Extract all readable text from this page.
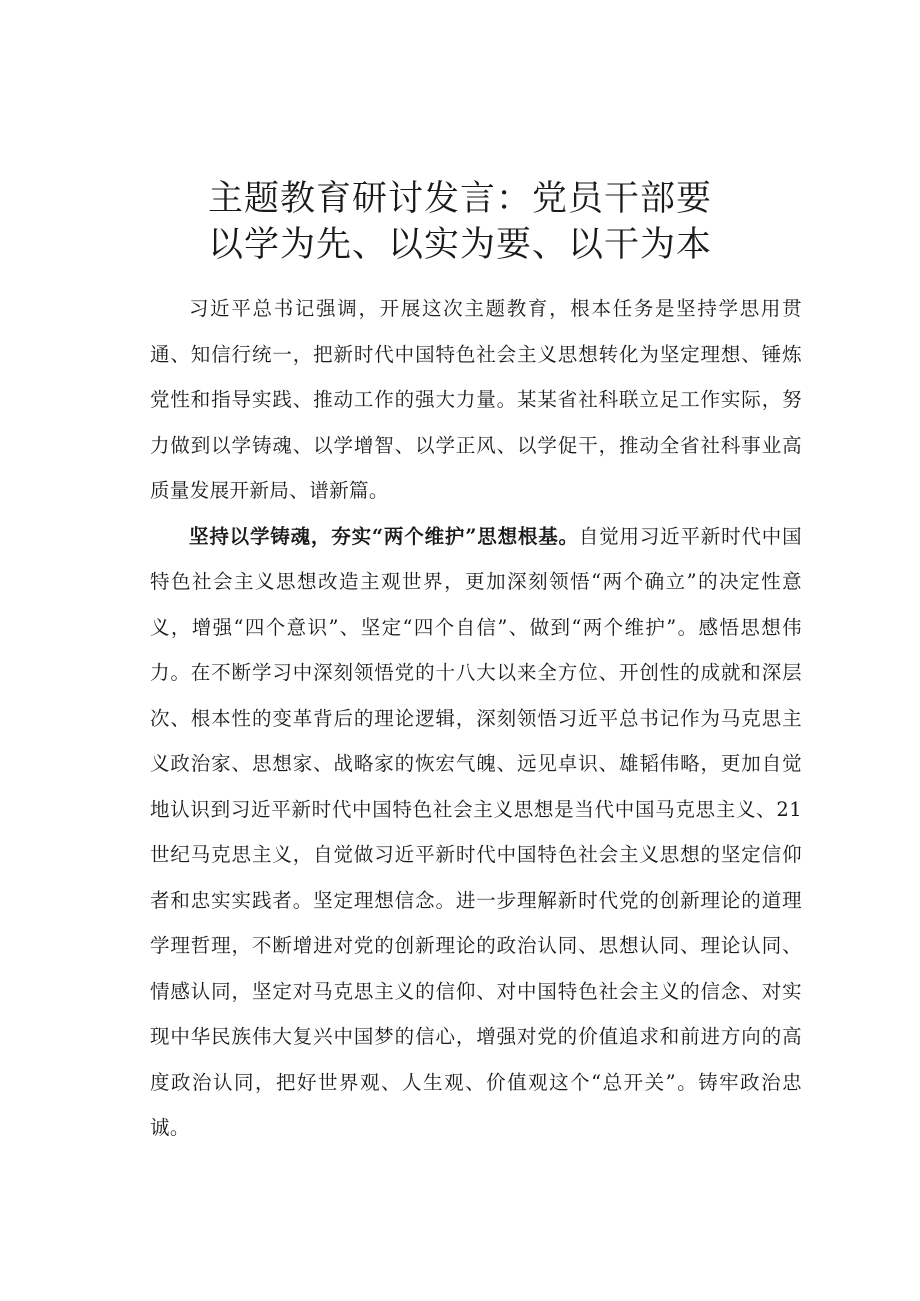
主题教育研讨发言：党员干部要
以学为先、以实为要、以干为本

习近平总书记强调，开展这次主题教育，根本任务是坚持学思用贯通、知信行统一，把新时代中国特色社会主义思想转化为坚定理想、锤炼党性和指导实践、推动工作的强大力量。某某省社科联立足工作实际，努力做到以学铸魂、以学增智、以学正风、以学促干，推动全省社科事业高质量发展开新局、谱新篇。

坚持以学铸魂，夯实“两个维护”思想根基。自觉用习近平新时代中国特色社会主义思想改造主观世界，更加深刻领悟“两个确立”的决定性意义，增强“四个意识”、坚定“四个自信”、做到“两个维护”。感悟思想伟力。在不断学习中深刻领悟党的十八大以来全方位、开创性的成就和深层次、根本性的变革背后的理论逻辑，深刻领悟习近平总书记作为马克思主义政治家、思想家、战略家的恢宏气魄、远见卓识、雄韬伟略，更加自觉地认识到习近平新时代中国特色社会主义思想是当代中国马克思主义、21世纪马克思主义，自觉做习近平新时代中国特色社会主义思想的坚定信仰者和忠实实践者。坚定理想信念。进一步理解新时代党的创新理论的道理学理哲理，不断增进对党的创新理论的政治认同、思想认同、理论认同、情感认同，坚定对马克思主义的信仰、对中国特色社会主义的信念、对实现中华民族伟大复兴中国梦的信心，增强对党的价值追求和前进方向的高度政治认同，把好世界观、人生观、价值观这个“总开关”。铸牢政治忠诚。
